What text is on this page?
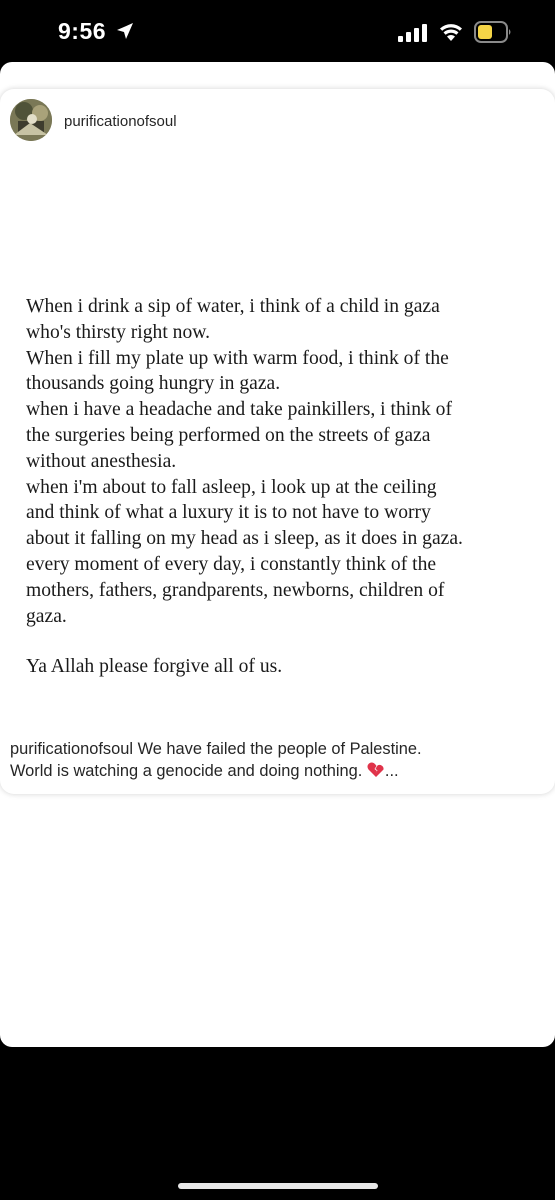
9:56
purificationofsoul
When i drink a sip of water, i think of a child in gaza
who's thirsty right now.
When i fill my plate up with warm food, i think of the
thousands going hungry in gaza.
when i have a headache and take painkillers, i think of
the surgeries being performed on the streets of gaza
without anesthesia.
when i'm about to fall asleep, i look up at the ceiling
and think of what a luxury it is to not have to worry
about it falling on my head as i sleep, as it does in gaza.
every moment of every day, i constantly think of the
mothers, fathers, grandparents, newborns, children of
gaza.
Ya Allah please forgive all of us.
purificationofsoul We have failed the people of Palestine.
World is watching a genocide and doing nothing. ...
